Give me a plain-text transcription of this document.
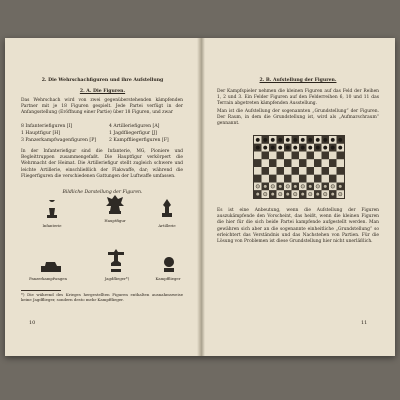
2. Die Wehrschachfiguren und ihre Aufstellung
2. A. Die Figuren.
Das Wehrschach wird von zwei gegenüberstehenden kämpfenden Partner mit je 18 Figuren gespielt. Jede Partei verfügt in der Anfangsstellung (Eröffnung einer Partie) über 18 Figuren, und zwar
8 Infanteriefiguren [I]
1 Hauptfigur [H]
3 Panzerkampfwagenfiguren [P]
4 Artilleriefiguren [A]
1 Jagdfliegerfigur [J]
2 Kampffliegerfiguren [F]
In der Infanteriefigur sind die Infanterie, MG, Pioniere und Begleittruppen zusammengefaßt. Die Hauptfigur verkörpert die Wehrmacht der Heimat. Die Artilleriefigur stellt zugleich schwere und leichte Artillerie, einschließlich der Flakwaffe, dar; während die Fliegerfiguren die verschiedenen Gattungen der Luftwaffe umfassen.
Bildliche Darstellung der Figuren.
Infanterie
Hauptfigur
Artillerie
Panzerkampfwagen	Jagdflieger*)	Kampfflieger
*) Die während des Krieges hergestellten Figuren enthalten ausnahmsweise keine Jagdflieger, sondern desto mehr Kampfflieger.
10
2. B. Aufstellung der Figuren.
Der Kampfspieler nehmen die kleinen Figuren auf das Feld der Reihen 1, 2 und 3. Ein Felder Figuren auf den Felderreihen 6, 10 und 11 das Terrain abgetreten kämpfenden Ausstellung.
Man ist die Aufstellung der sogenannten „Grundstellung“ der Figuren. Der Raum, in dem die Grundstellung ist, wird als „Aufmarschraum“ gennannt.
Es ist eine Anbeutung, wenn die Aufstellung der Figuren auszukämpfende den Vorscheint, das heißt, wenn die kleinen Figuren die hier für die sich beide Partei kampfende aufgestellt werden. Man gewähren sich aber an die sogenannte einheitliche „Grundstellung“ so erleichtert das Verständnis und das Nachstehen von Partien. Für die Lösung von Problemen ist diese Grundstellung hier nicht unerläßlich.
11
